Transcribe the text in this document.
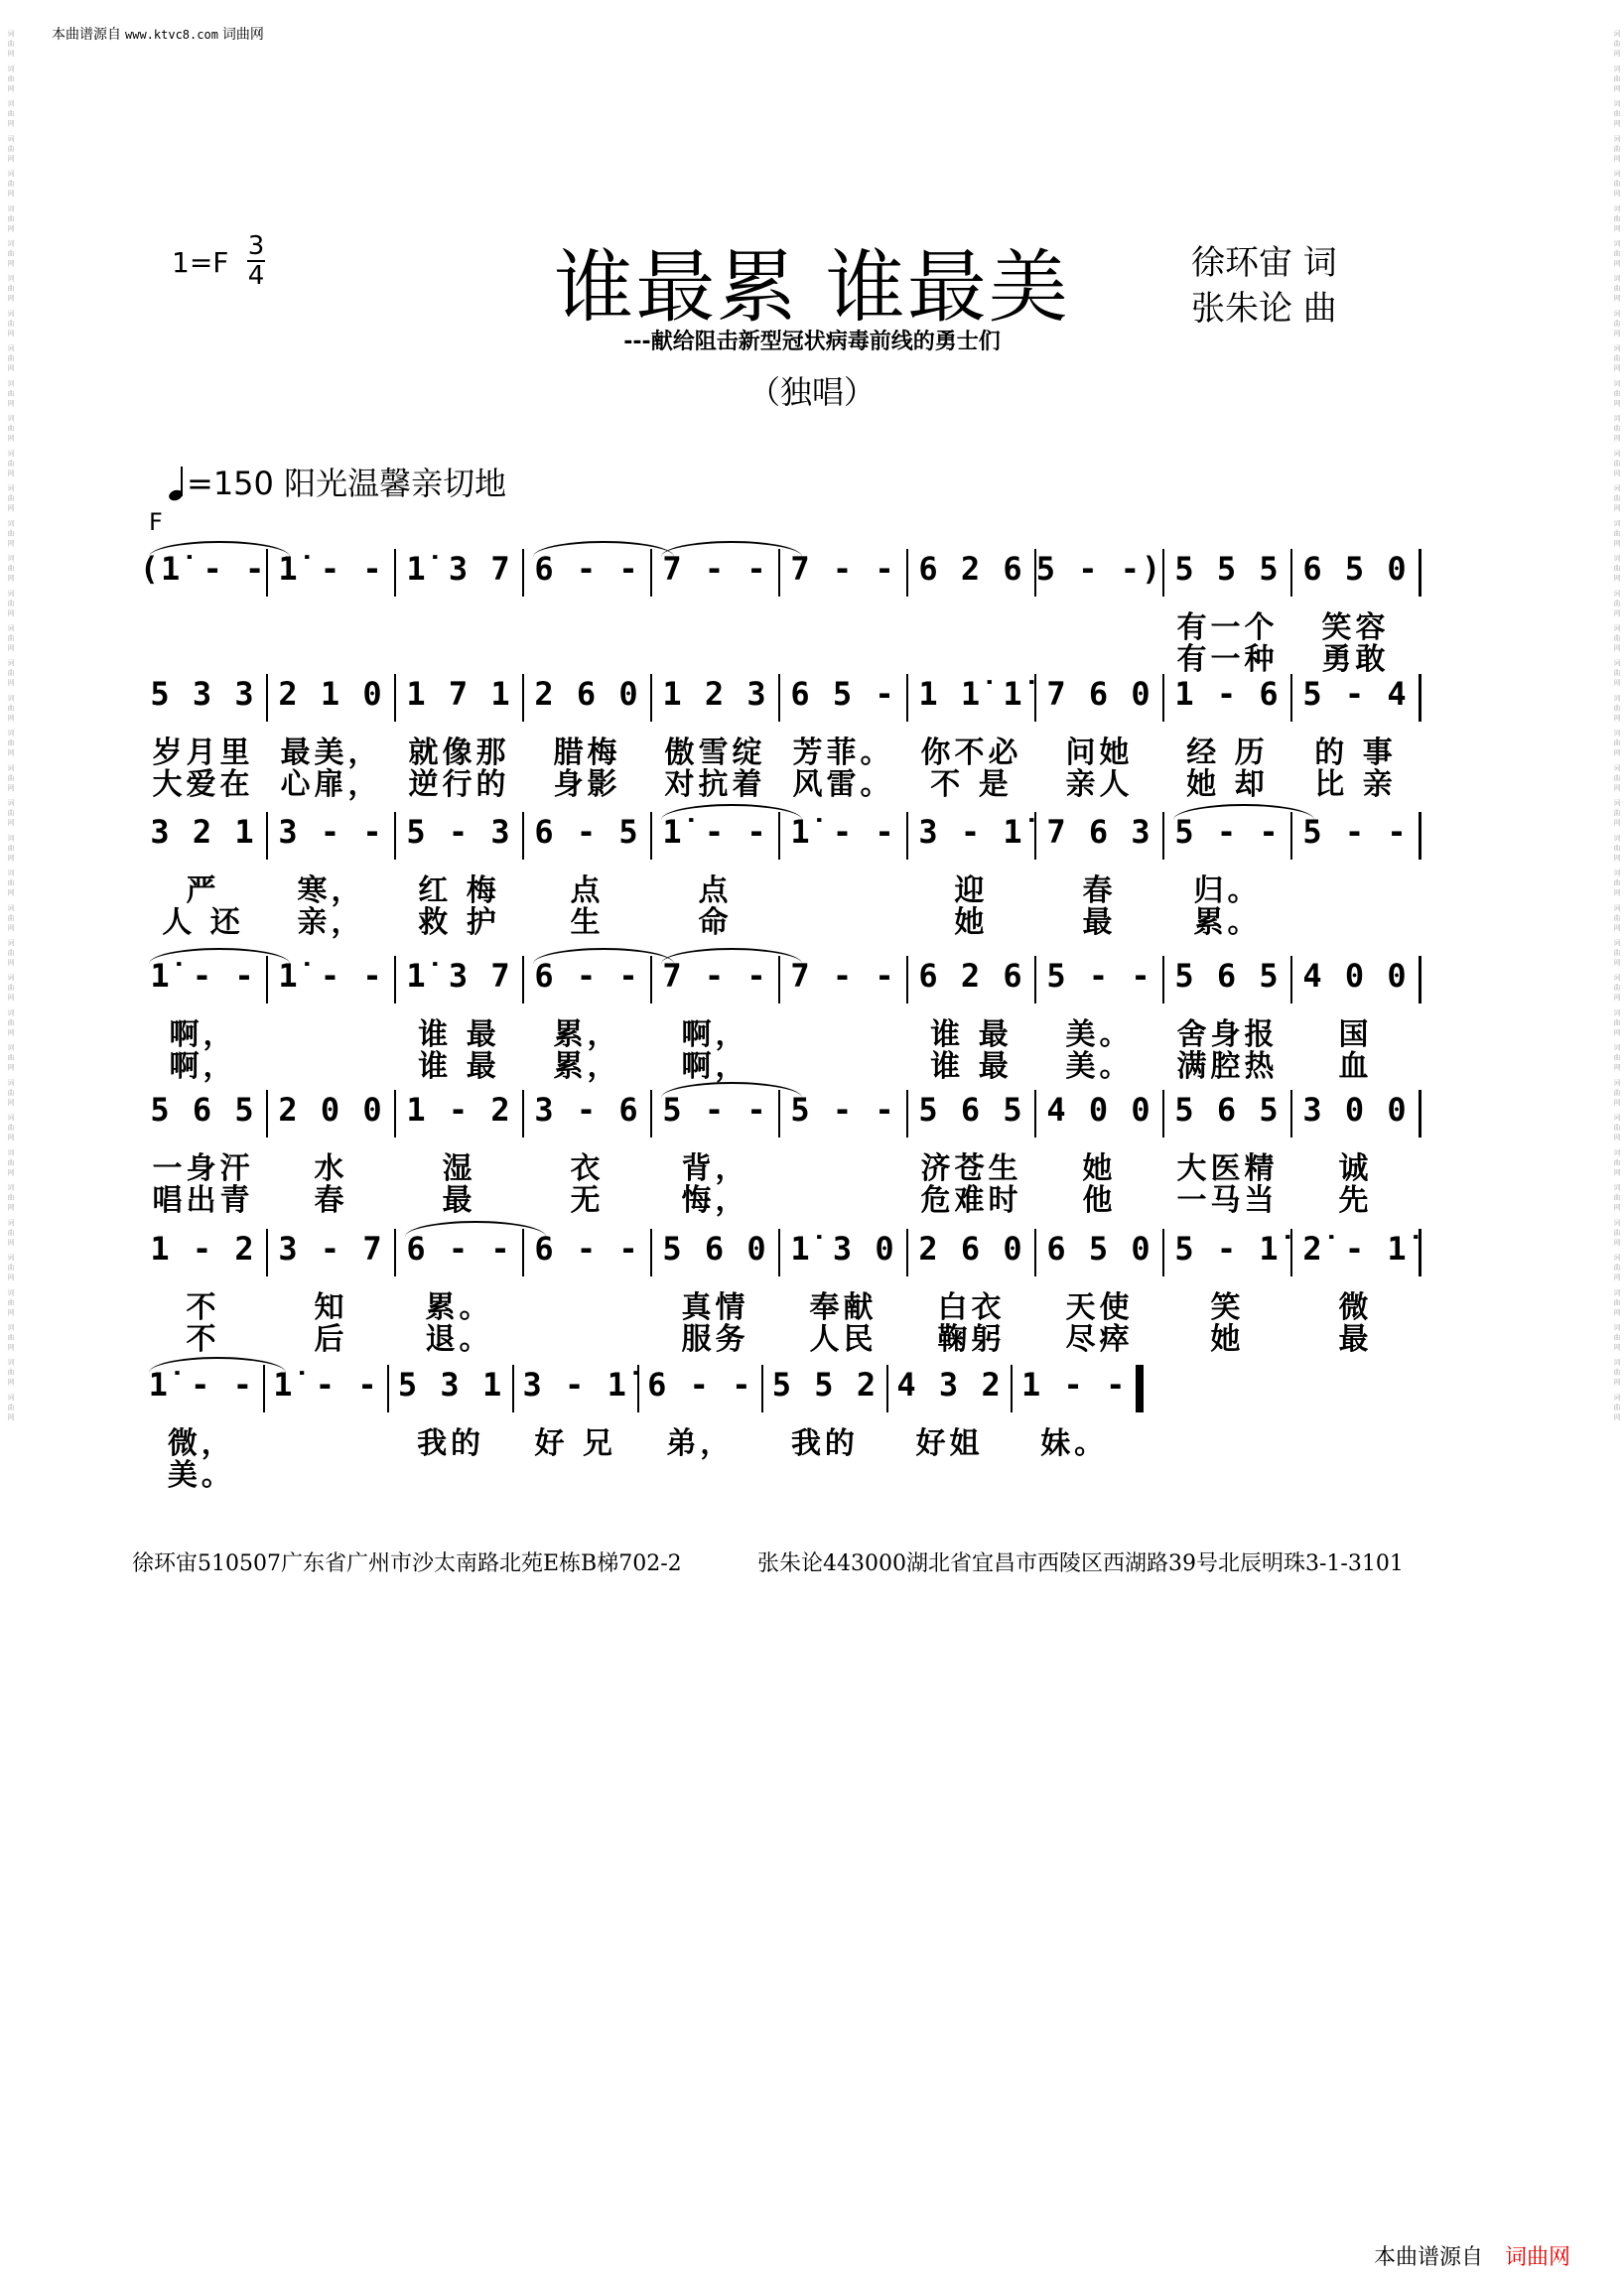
本曲谱源自 www.ktvc8.com 词曲网
词曲网 词曲网 词曲网 词曲网 词曲网 词曲网 词曲网 词曲网 词曲网 词曲网 词曲网 词曲网 词曲网 词曲网 词曲网 词曲网 词曲网 词曲网 词曲网 词曲网 词曲网 词曲网 词曲网 词曲网 词曲网 词曲网 词曲网 词曲网 词曲网 词曲网 词曲网 词曲网 词曲网 词曲网 词曲网 词曲网 词曲网 词曲网 词曲网 词曲网	词曲网 词曲网 词曲网 词曲网 词曲网 词曲网 词曲网 词曲网 词曲网 词曲网 词曲网 词曲网 词曲网 词曲网 词曲网 词曲网 词曲网 词曲网 词曲网 词曲网 词曲网 词曲网 词曲网 词曲网 词曲网 词曲网 词曲网 词曲网 词曲网 词曲网 词曲网 词曲网 词曲网 词曲网 词曲网 词曲网 词曲网 词曲网 词曲网 词曲网
1=F 3
4	谁最累 谁最美	徐环宙 词
张朱论 曲
---献给阻击新型冠状病毒前线的勇士们
（独唱）
=150 阳光温馨亲切地
F
(1̇ - - 1̇ - - 1̇ 3 7 6 - - 7 - - 7 - - 6 2 6 5 - -) 5 5 5 6 5 0
有一个	笑容
有一种	勇敢
5 3 3 2 1 0 1 7 1 2 6 0 1 2 3 6 5 - 1 1̇ 1̇ 7 6 0 1 - 6 5 - 4
岁月里 最美， 就像那	腊梅	傲雪绽 芳菲。 你不必	问她	经 历	的 事
大爱在 心扉， 逆行的	身影	对抗着 风雷。	不 是	亲人	她 却	比 亲
3 2 1 3 - - 5 - 3 6 - 5 1̇ - - 1̇ - - 3 - 1̇ 7 6 3 5 - - 5 - -
严	寒，	红 梅	点	点	迎	春	归。
人 还	亲，	救 护	生	命	她	最	累。
1̇ - - 1̇ - - 1̇ 3 7 6 - - 7 - - 7 - - 6 2 6 5 - - 5 6 5 4 0 0
啊，	谁 最	累，	啊，	谁 最	美。	舍身报	国
啊，	谁 最	累，	啊，	谁 最	美。	满腔热	血
5 6 5 2 0 0 1 - 2 3 - 6 5 - - 5 - - 5 6 5 4 0 0 5 6 5 3 0 0
一身汗	水	湿	衣	背，	济苍生	她	大医精	诚
唱出青	春	最	无	悔，	危难时	他	一马当	先
1 - 2 3 - 7 6 - - 6 - - 5 6 0 1̇ 3 0 2 6 0 6 5 0 5 - 1̇ 2̇ - 1̇
不	知	累。	真情	奉献	白衣	天使	笑	微
不	后	退。	服务	人民	鞠躬	尽瘁	她	最
1̇ - - 1̇ - - 5 3 1 3 - 1̇ 6 - - 5 5 2 4 3 2 1 - -
微，	我的	好 兄	弟，	我的	好姐	妹。
美。
徐环宙510507广东省广州市沙太南路北苑E栋B梯702-2	张朱论443000湖北省宜昌市西陵区西湖路39号北辰明珠3-1-3101
本曲谱源自 词曲网
